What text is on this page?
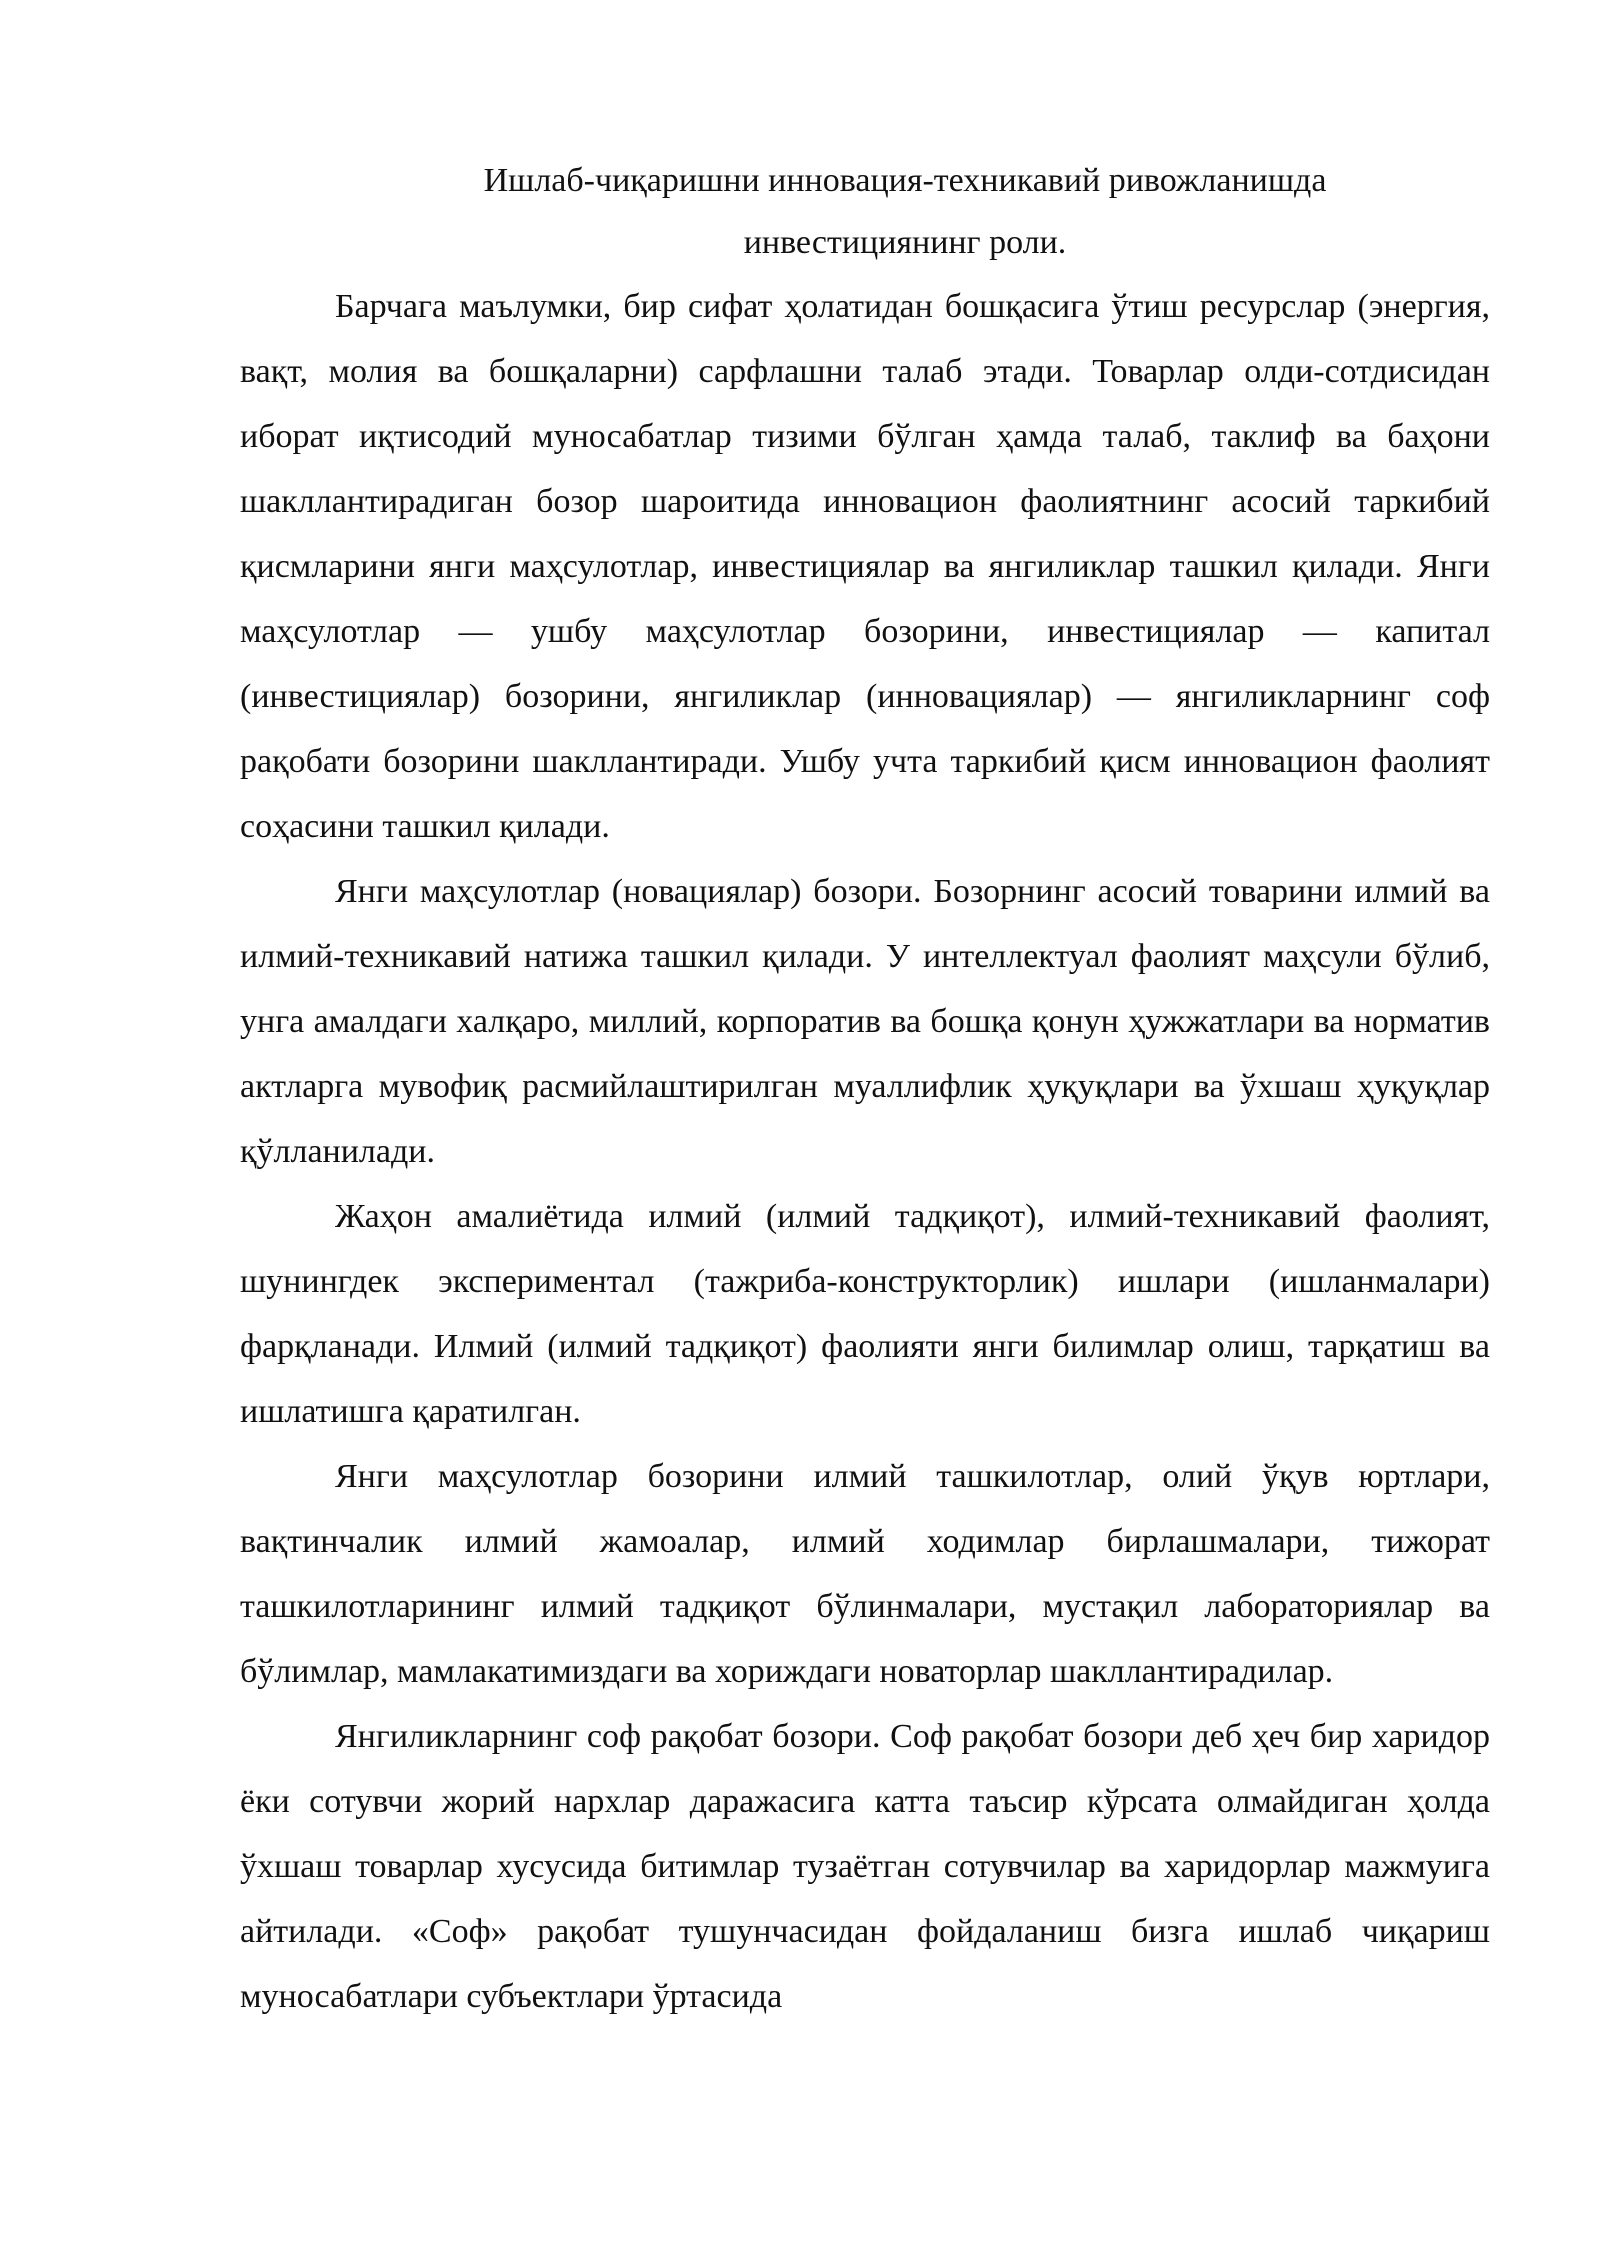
Ишлаб-чиқаришни инновация-техникавий ривожланишда
инвестициянинг роли.

Барчага маълумки, бир сифат ҳолатидан бошқасига ўтиш ресурслар (энергия, вақт, молия ва бошқаларни) сарфлашни талаб этади. Товарлар олди-сотдисидан иборат иқтисодий муносабатлар тизими бўлган ҳамда талаб, таклиф ва баҳони шакллантирадиган бозор шароитида инновацион фаолиятнинг асосий таркибий қисмларини янги маҳсулотлар, инвестициялар ва янгиликлар ташкил қилади. Янги маҳсулотлар — ушбу маҳсулотлар бозорини, инвестициялар — капитал (инвестициялар) бозорини, янгиликлар (инновациялар) — янгиликларнинг соф рақобати бозорини шакллантиради. Ушбу учта таркибий қисм инновацион фаолият соҳасини ташкил қилади.

Янги маҳсулотлар (новациялар) бозори. Бозорнинг асосий товарини илмий ва илмий-техникавий натижа ташкил қилади. У интеллектуал фаолият маҳсули бўлиб, унга амалдаги халқаро, миллий, корпоратив ва бошқа қонун ҳужжатлари ва норматив актларга мувофиқ расмийлаштирилган муаллифлик ҳуқуқлари ва ўхшаш ҳуқуқлар қўлланилади.

Жаҳон амалиётида илмий (илмий тадқиқот), илмий-техникавий фаолият, шунингдек экспериментал (тажриба-конструкторлик) ишлари (ишланмалари) фарқланади. Илмий (илмий тадқиқот) фаолияти янги билимлар олиш, тарқатиш ва ишлатишга қаратилган.

Янги маҳсулотлар бозорини илмий ташкилотлар, олий ўқув юртлари, вақтинчалик илмий жамоалар, илмий ходимлар бирлашмалари, тижорат ташкилотларининг илмий тадқиқот бўлинмалари, мустақил лабораториялар ва бўлимлар, мамлакатимиздаги ва хориждаги новаторлар шакллантирадилар.

Янгиликларнинг соф рақобат бозори. Соф рақобат бозори деб ҳеч бир харидор ёки сотувчи жорий нархлар даражасига катта таъсир кўрсата олмайдиган ҳолда ўхшаш товарлар хусусида битимлар тузаётган сотувчилар ва харидорлар мажмуига айтилади. «Соф» рақобат тушунчасидан фойдаланиш бизга ишлаб чиқариш муносабатлари субъектлари ўртасида
